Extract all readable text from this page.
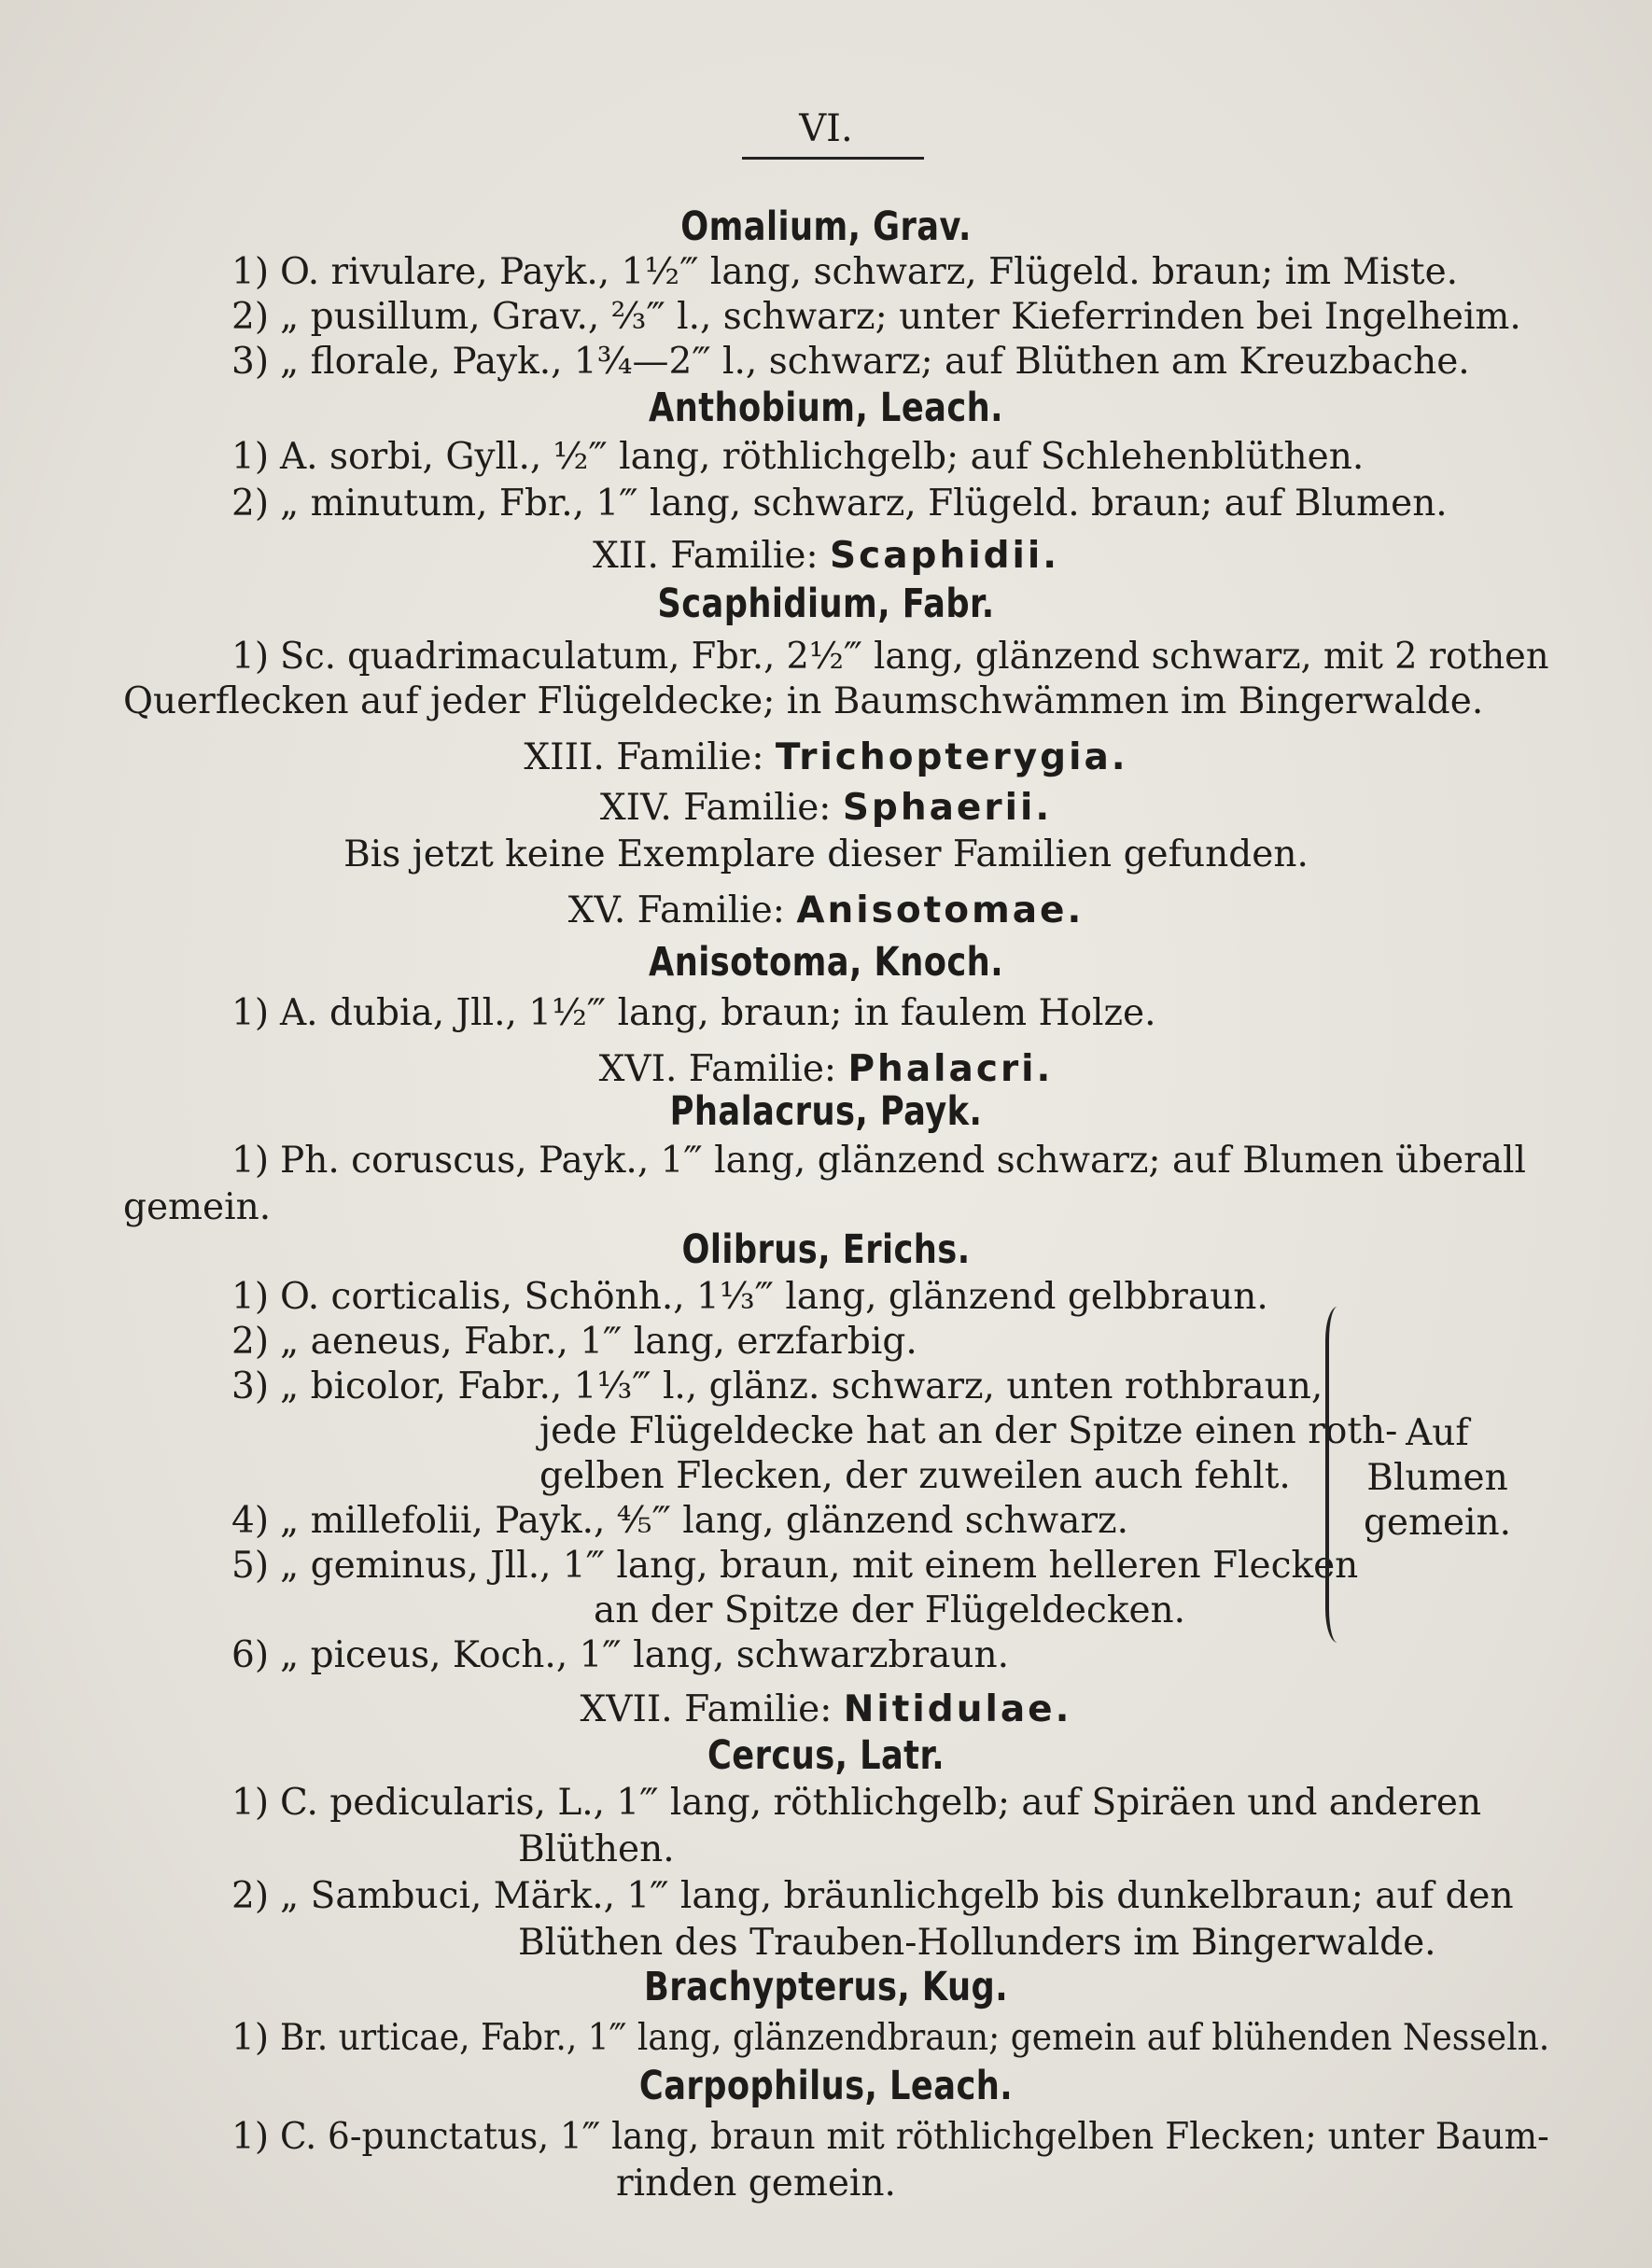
VI.
Omalium, Grav.
1) O. rivulare, Payk., 1½‴ lang, schwarz, Flügeld. braun; im Miste.
2) „ pusillum, Grav., ⅔‴ l., schwarz; unter Kieferrinden bei Ingelheim.
3) „ florale, Payk., 1¾—2‴ l., schwarz; auf Blüthen am Kreuzbache.
Anthobium, Leach.
1) A. sorbi, Gyll., ½‴ lang, röthlichgelb; auf Schlehenblüthen.
2) „ minutum, Fbr., 1‴ lang, schwarz, Flügeld. braun; auf Blumen.
XII. Familie: Scaphidii.
Scaphidium, Fabr.
1) Sc. quadrimaculatum, Fbr., 2½‴ lang, glänzend schwarz, mit 2 rothen
Querflecken auf jeder Flügeldecke; in Baumschwämmen im Bingerwalde.
XIII. Familie: Trichopterygia.
XIV. Familie: Sphaerii.
Bis jetzt keine Exemplare dieser Familien gefunden.
XV. Familie: Anisotomae.
Anisotoma, Knoch.
1) A. dubia, Jll., 1½‴ lang, braun; in faulem Holze.
XVI. Familie: Phalacri.
Phalacrus, Payk.
1) Ph. coruscus, Payk., 1‴ lang, glänzend schwarz; auf Blumen überall
gemein.
Olibrus, Erichs.
1) O. corticalis, Schönh., 1⅓‴ lang, glänzend gelbbraun.
2) „ aeneus, Fabr., 1‴ lang, erzfarbig.
3) „ bicolor, Fabr., 1⅓‴ l., glänz. schwarz, unten rothbraun,
jede Flügeldecke hat an der Spitze einen roth-
gelben Flecken, der zuweilen auch fehlt.
4) „ millefolii, Payk., ⅘‴ lang, glänzend schwarz.
5) „ geminus, Jll., 1‴ lang, braun, mit einem helleren Flecken
an der Spitze der Flügeldecken.
6) „ piceus, Koch., 1‴ lang, schwarzbraun.
Auf
Blumen
gemein.
XVII. Familie: Nitidulae.
Cercus, Latr.
1) C. pedicularis, L., 1‴ lang, röthlichgelb; auf Spiräen und anderen
Blüthen.
2) „ Sambuci, Märk., 1‴ lang, bräunlichgelb bis dunkelbraun; auf den
Blüthen des Trauben-Hollunders im Bingerwalde.
Brachypterus, Kug.
1) Br. urticae, Fabr., 1‴ lang, glänzendbraun; gemein auf blühenden Nesseln.
Carpophilus, Leach.
1) C. 6-punctatus, 1‴ lang, braun mit röthlichgelben Flecken; unter Baum-
rinden gemein.
